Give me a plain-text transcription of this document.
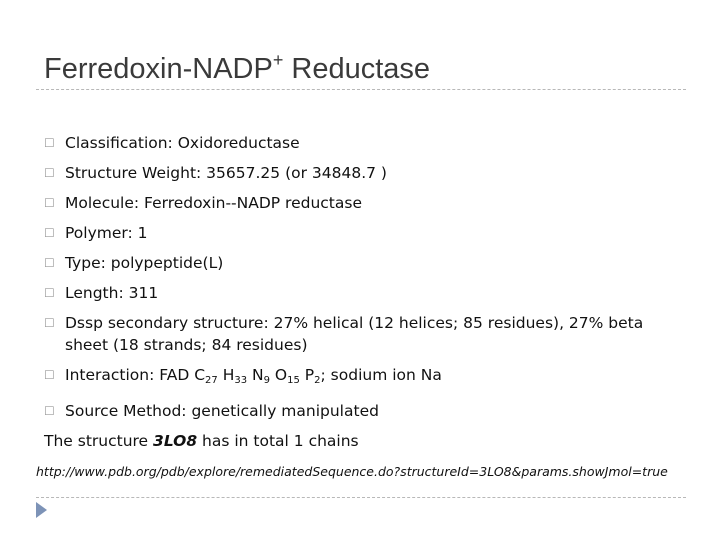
Ferredoxin-NADP+ Reductase
☐ Classification: Oxidoreductase
☐ Structure Weight: 35657.25 (or 34848.7 )
☐ Molecule: Ferredoxin--NADP reductase
☐ Polymer: 1
☐ Type: polypeptide(L)
☐ Length: 311
☐ Dssp secondary structure: 27% helical (12 helices; 85 residues), 27% beta sheet (18 strands; 84 residues)
☐ Interaction: FAD $C_{27}$ $H_{33}$ $N_9$ $O_{15}$ $P_2$; sodium ion Na
☐ Source Method: genetically manipulated
The structure 3LO8 has in total 1 chains
http://www.pdb.org/pdb/explore/remediatedSequence.do?structureId=3LO8&params.showJmol=true
